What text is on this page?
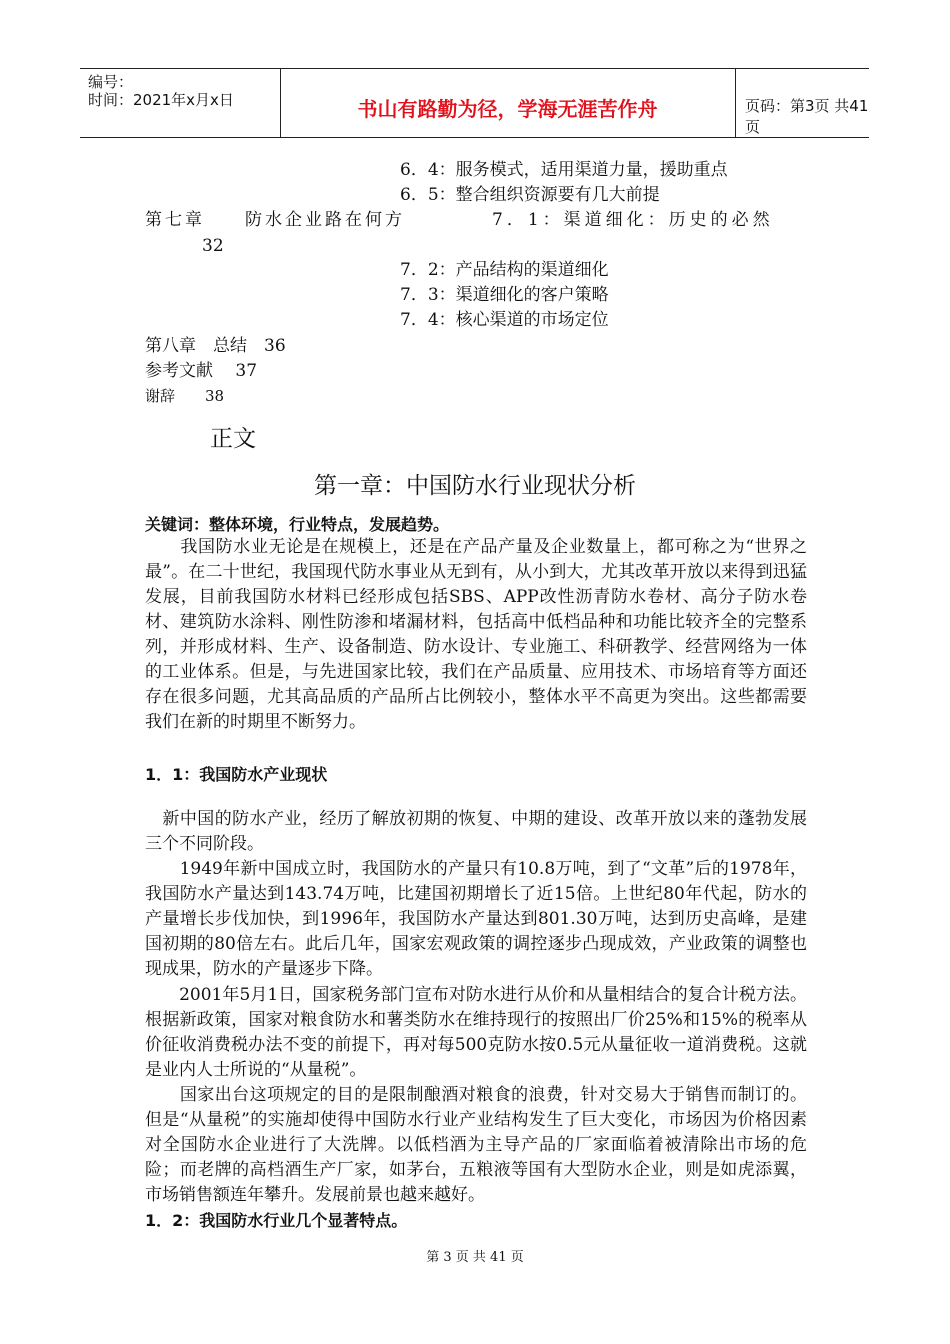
编号：
时间：2021年x月x日	书山有路勤为径，学海无涯苦作舟	页码：第3页 共41页
6．4：服务模式，适用渠道力量，援助重点
6．5：整合组织资源要有几大前提
第七章　　防水企业路在何方	7．1：渠道细化：历史的必然
32
7．2：产品结构的渠道细化
7．3：渠道细化的客户策略
7．4：核心渠道的市场定位
第八章　总结　36
参考文献　 37
谢辞　　38
正文
第一章：中国防水行业现状分析
关键词：整体环境，行业特点，发展趋势。

　　我国防水业无论是在规模上，还是在产品产量及企业数量上，都可称之为“世界之最”。在二十世纪，我国现代防水事业从无到有，从小到大，尤其改革开放以来得到迅猛发展，目前我国防水材料已经形成包括SBS、APP改性沥青防水卷材、高分子防水卷材、建筑防水涂料、刚性防渗和堵漏材料，包括高中低档品种和功能比较齐全的完整系列，并形成材料、生产、设备制造、防水设计、专业施工、科研教学、经营网络为一体的工业体系。但是，与先进国家比较，我们在产品质量、应用技术、市场培育等方面还存在很多问题，尤其高品质的产品所占比例较小，整体水平不高更为突出。这些都需要我们在新的时期里不断努力。

1．1：我国防水产业现状

　新中国的防水产业，经历了解放初期的恢复、中期的建设、改革开放以来的蓬勃发展三个不同阶段。

　　1949年新中国成立时，我国防水的产量只有10.8万吨，到了“文革”后的1978年，我国防水产量达到143.74万吨，比建国初期增长了近15倍。上世纪80年代起，防水的产量增长步伐加快，到1996年，我国防水产量达到801.30万吨，达到历史高峰，是建国初期的80倍左右。此后几年，国家宏观政策的调控逐步凸现成效，产业政策的调整也现成果，防水的产量逐步下降。

　　2001年5月1日，国家税务部门宣布对防水进行从价和从量相结合的复合计税方法。根据新政策，国家对粮食防水和薯类防水在维持现行的按照出厂价25%和15%的税率从价征收消费税办法不变的前提下，再对每500克防水按0.5元从量征收一道消费税。这就是业内人士所说的“从量税”。

　　国家出台这项规定的目的是限制酿酒对粮食的浪费，针对交易大于销售而制订的。但是“从量税”的实施却使得中国防水行业产业结构发生了巨大变化，市场因为价格因素对全国防水企业进行了大洗牌。以低档酒为主导产品的厂家面临着被清除出市场的危险；而老牌的高档酒生产厂家，如茅台，五粮液等国有大型防水企业，则是如虎添翼，市场销售额连年攀升。发展前景也越来越好。

1．2：我国防水行业几个显著特点。
第 3 页 共 41 页
